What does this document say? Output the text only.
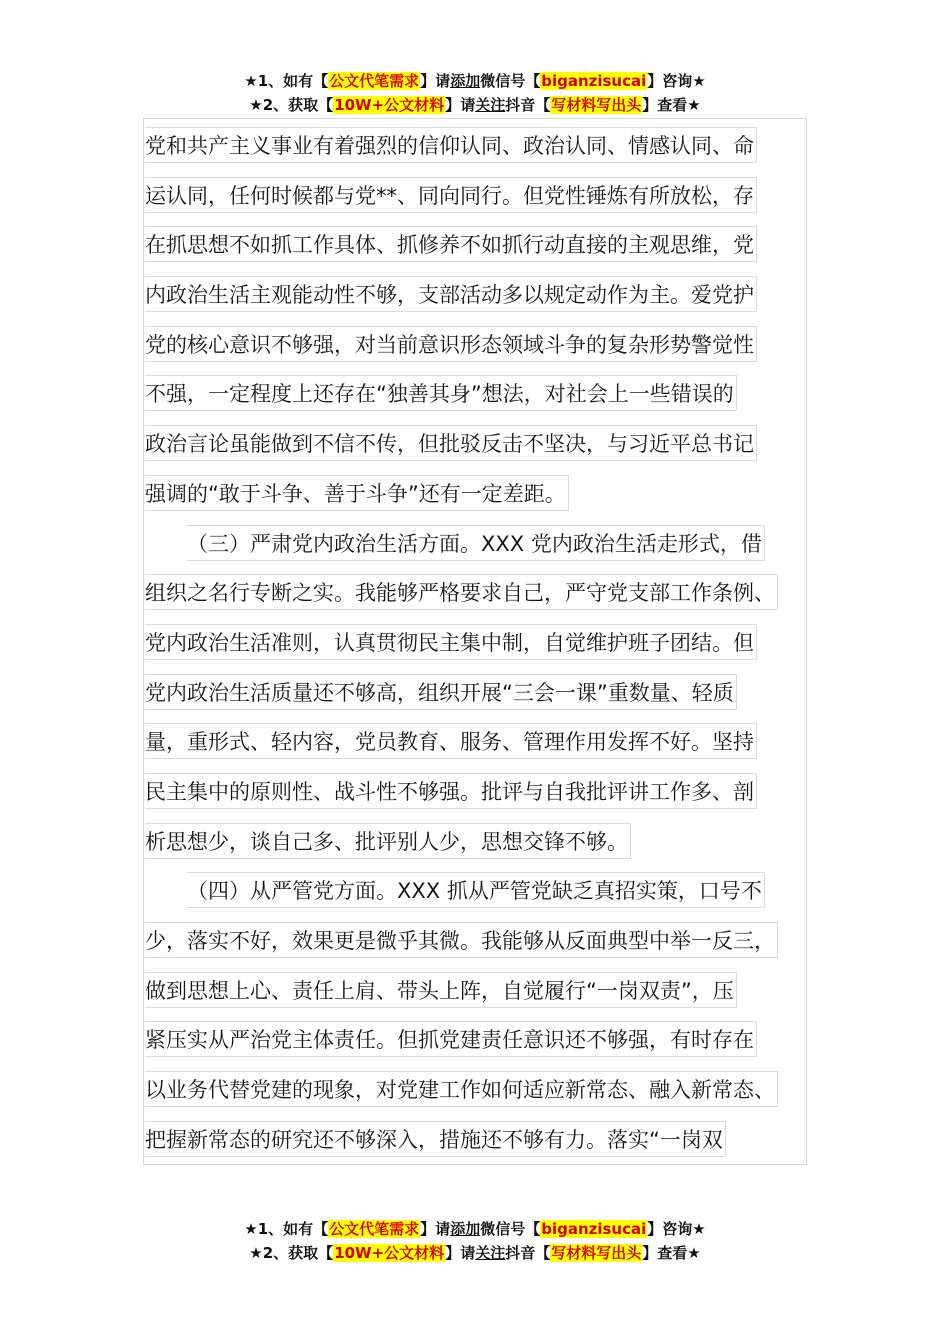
★1、如有【公文代笔需求】请添加微信号【biganzisucai】咨询★
★2、获取【10W+公文材料】请关注抖音【写材料写出头】查看★
党和共产主义事业有着强烈的信仰认同、政治认同、情感认同、命
运认同，任何时候都与党**、同向同行。但党性锤炼有所放松，存
在抓思想不如抓工作具体、抓修养不如抓行动直接的主观思维，党
内政治生活主观能动性不够，支部活动多以规定动作为主。爱党护
党的核心意识不够强，对当前意识形态领域斗争的复杂形势警觉性
不强，一定程度上还存在“独善其身”想法，对社会上一些错误的
政治言论虽能做到不信不传，但批驳反击不坚决，与习近平总书记
强调的“敢于斗争、善于斗争”还有一定差距。
（三）严肃党内政治生活方面。XXX 党内政治生活走形式，借
组织之名行专断之实。我能够严格要求自己，严守党支部工作条例、
党内政治生活准则，认真贯彻民主集中制，自觉维护班子团结。但
党内政治生活质量还不够高，组织开展“三会一课”重数量、轻质
量，重形式、轻内容，党员教育、服务、管理作用发挥不好。坚持
民主集中的原则性、战斗性不够强。批评与自我批评讲工作多、剖
析思想少，谈自己多、批评别人少，思想交锋不够。
（四）从严管党方面。XXX 抓从严管党缺乏真招实策，口号不
少，落实不好，效果更是微乎其微。我能够从反面典型中举一反三，
做到思想上心、责任上肩、带头上阵，自觉履行“一岗双责”，压
紧压实从严治党主体责任。但抓党建责任意识还不够强，有时存在
以业务代替党建的现象，对党建工作如何适应新常态、融入新常态、
把握新常态的研究还不够深入，措施还不够有力。落实“一岗双
★1、如有【公文代笔需求】请添加微信号【biganzisucai】咨询★
★2、获取【10W+公文材料】请关注抖音【写材料写出头】查看★
